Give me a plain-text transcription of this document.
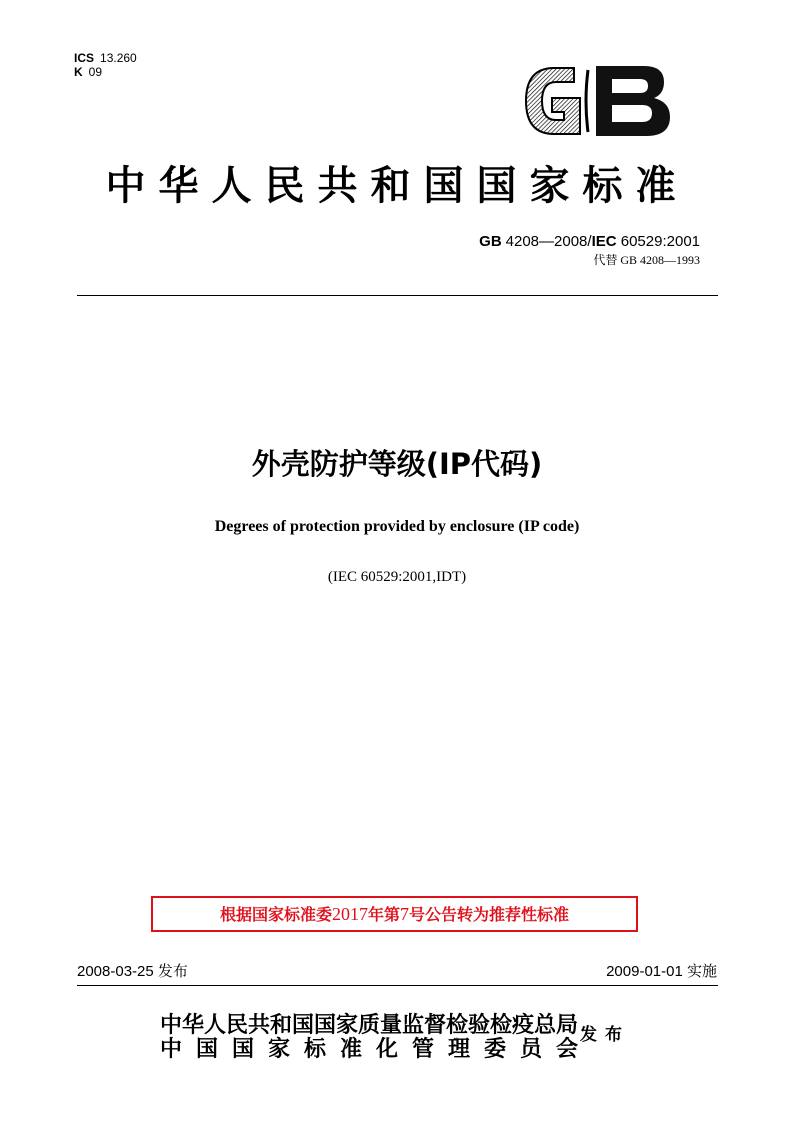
ICS 13.260
K 09
中华人民共和国国家标准
GB 4208—2008/IEC 60529:2001
代替 GB 4208—1993
外壳防护等级(IP代码)
Degrees of protection provided by enclosure (IP code)
(IEC 60529:2001,IDT)
根据国家标准委2017年第7号公告转为推荐性标准
2008-03-25 发布	2009-01-01 实施
中华人民共和国国家质量监督检验检疫总局
中国国家标准化管理委员会
发布
